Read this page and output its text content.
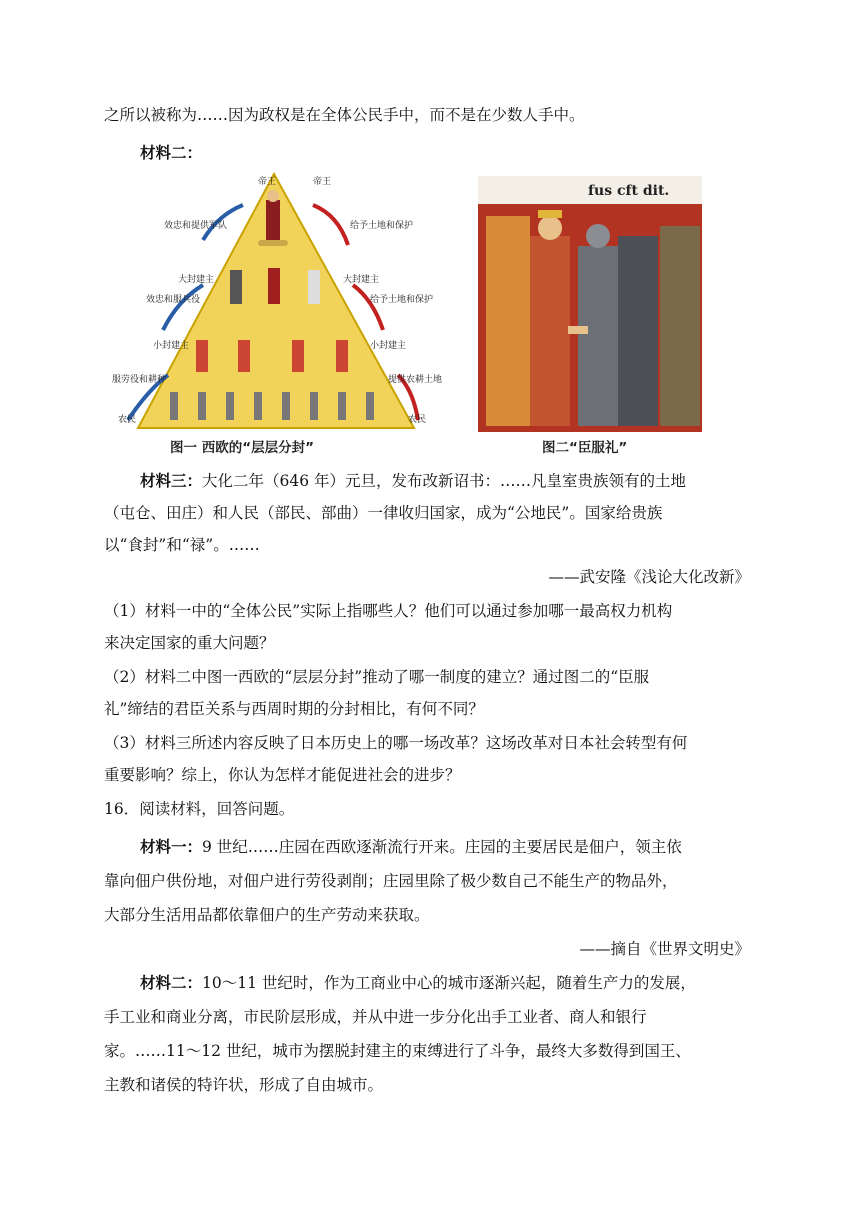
之所以被称为……因为政权是在全体公民手中，而不是在少数人手中。
材料二：
帝王	帝王
大封建主	大封建主
小封建主	小封建主
农民	农民
效忠和提供军队
效忠和服兵役
服劳役和耕种
给予土地和保护
给予土地和保护
提供农耕土地
图一 西欧的“层层分封”
fus cft dit.
图二“臣服礼”
材料三：大化二年（646 年）元旦，发布改新诏书：……凡皇室贵族领有的土地
（屯仓、田庄）和人民（部民、部曲）一律收归国家，成为“公地民”。国家给贵族
以“食封”和“禄”。……
——武安隆《浅论大化改新》
（1）材料一中的“全体公民”实际上指哪些人？他们可以通过参加哪一最高权力机构
来决定国家的重大问题？
（2）材料二中图一西欧的“层层分封”推动了哪一制度的建立？通过图二的“臣服
礼”缔结的君臣关系与西周时期的分封相比，有何不同？
（3）材料三所述内容反映了日本历史上的哪一场改革？这场改革对日本社会转型有何
重要影响？综上，你认为怎样才能促进社会的进步？
16．阅读材料，回答问题。
材料一：9 世纪……庄园在西欧逐渐流行开来。庄园的主要居民是佃户，领主依
靠向佃户供份地，对佃户进行劳役剥削；庄园里除了极少数自己不能生产的物品外，
大部分生活用品都依靠佃户的生产劳动来获取。
——摘自《世界文明史》
材料二：10～11 世纪时，作为工商业中心的城市逐渐兴起，随着生产力的发展，
手工业和商业分离，市民阶层形成，并从中进一步分化出手工业者、商人和银行
家。……11～12 世纪，城市为摆脱封建主的束缚进行了斗争，最终大多数得到国王、
主教和诸侯的特许状，形成了自由城市。
